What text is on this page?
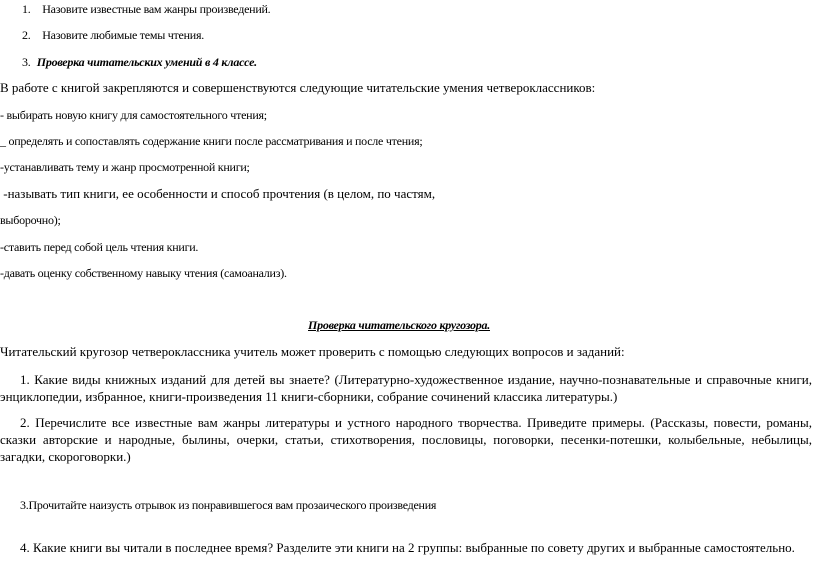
1. Назовите известные вам жанры произведений.
2. Назовите любимые темы чтения.
3.  Проверка читательских умений в 4 классе.
В работе с книгой закрепляются и совершенствуются следующие читательские умения четвероклассников:
- выбирать новую книгу для самостоятельного чтения;
_ определять и сопоставлять содержание книги после рассматривания и после чтения;
-устанавливать тему и жанр просмотренной книги;
-называть тип книги, ее особенности и способ прочтения (в целом, по частям,
выборочно);
-ставить перед собой цель чтения книги.
-давать оценку собственному навыку чтения (самоанализ).
Проверка читательского кругозора.
Читательский кругозор четвероклассника учитель может проверить с помощью следующих вопросов и заданий:
1. Какие виды книжных изданий для детей вы знаете? (Литературно-художественное издание, научно-познавательные и справочные книги, энциклопедии, избранное, книги-произведения 11 книги-сборники, собрание сочинений классика литературы.)
2. Перечислите все известные вам жанры литературы и устного народного творчества. Приведите примеры. (Рассказы, повести, романы, сказки авторские и народные, былины, очерки, статьи, стихотворения, пословицы, поговорки, песенки-потешки, колыбельные, небылицы, загадки, скороговорки.)
3.Прочитайте наизусть отрывок из понравившегося вам прозаического произведения
4. Какие книги вы читали в последнее время? Разделите эти книги на 2 группы: выбранные по совету других и выбранные самостоятельно.
